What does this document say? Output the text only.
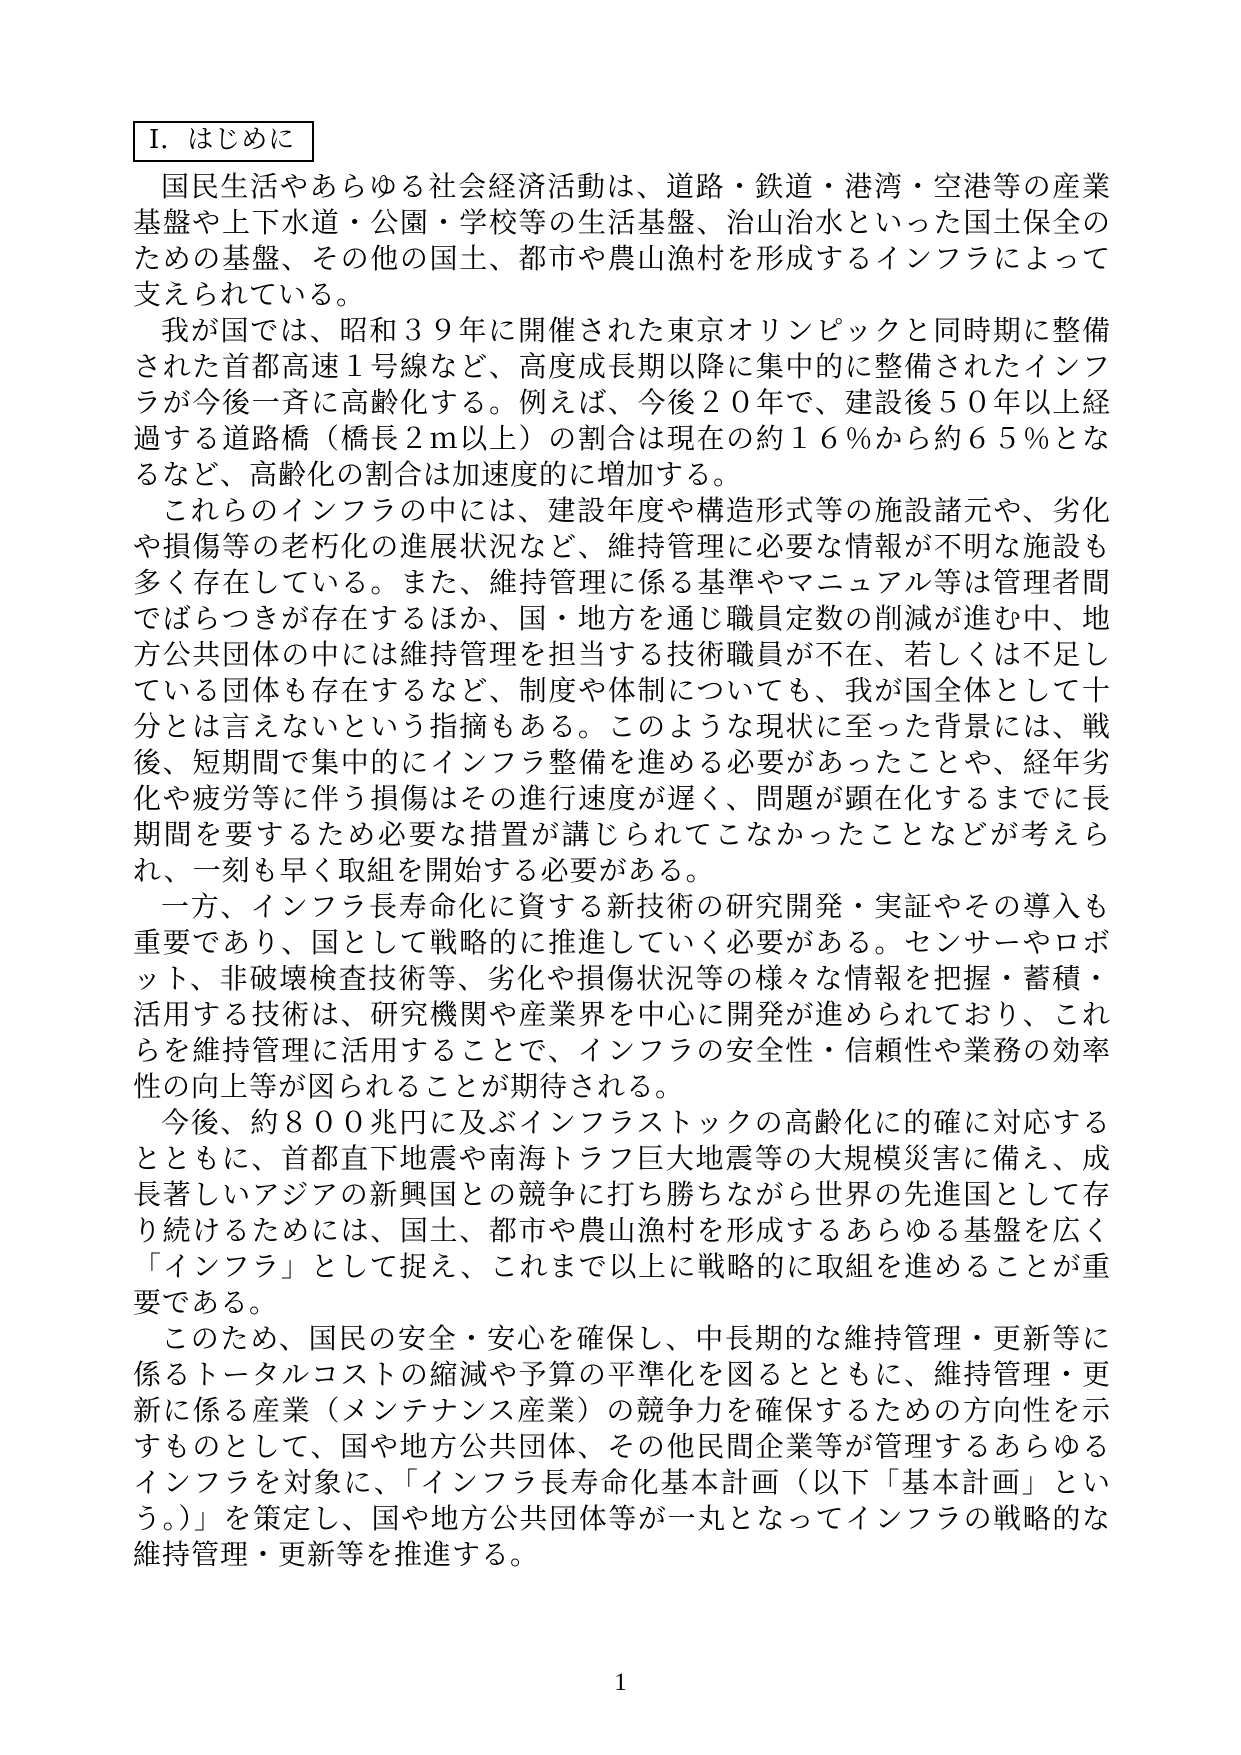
Ⅰ．はじめに

国民生活やあらゆる社会経済活動は、道路・鉄道・港湾・空港等の産業基盤や上下水道・公園・学校等の生活基盤、治山治水といった国土保全のための基盤、その他の国土、都市や農山漁村を形成するインフラによって支えられている。

我が国では、昭和３９年に開催された東京オリンピックと同時期に整備された首都高速１号線など、高度成長期以降に集中的に整備されたインフラが今後一斉に高齢化する。例えば、今後２０年で、建設後５０年以上経過する道路橋（橋長２ｍ以上）の割合は現在の約１６％から約６５％となるなど、高齢化の割合は加速度的に増加する。

これらのインフラの中には、建設年度や構造形式等の施設諸元や、劣化や損傷等の老朽化の進展状況など、維持管理に必要な情報が不明な施設も多く存在している。また、維持管理に係る基準やマニュアル等は管理者間でばらつきが存在するほか、国・地方を通じ職員定数の削減が進む中、地方公共団体の中には維持管理を担当する技術職員が不在、若しくは不足している団体も存在するなど、制度や体制についても、我が国全体として十分とは言えないという指摘もある。このような現状に至った背景には、戦後、短期間で集中的にインフラ整備を進める必要があったことや、経年劣化や疲労等に伴う損傷はその進行速度が遅く、問題が顕在化するまでに長期間を要するため必要な措置が講じられてこなかったことなどが考えられ、一刻も早く取組を開始する必要がある。

一方、インフラ長寿命化に資する新技術の研究開発・実証やその導入も重要であり、国として戦略的に推進していく必要がある。センサーやロボット、非破壊検査技術等、劣化や損傷状況等の様々な情報を把握・蓄積・活用する技術は、研究機関や産業界を中心に開発が進められており、これらを維持管理に活用することで、インフラの安全性・信頼性や業務の効率性の向上等が図られることが期待される。

今後、約８００兆円に及ぶインフラストックの高齢化に的確に対応するとともに、首都直下地震や南海トラフ巨大地震等の大規模災害に備え、成長著しいアジアの新興国との競争に打ち勝ちながら世界の先進国として存り続けるためには、国土、都市や農山漁村を形成するあらゆる基盤を広く「インフラ」として捉え、これまで以上に戦略的に取組を進めることが重要である。

このため、国民の安全・安心を確保し、中長期的な維持管理・更新等に係るトータルコストの縮減や予算の平準化を図るとともに、維持管理・更新に係る産業（メンテナンス産業）の競争力を確保するための方向性を示すものとして、国や地方公共団体、その他民間企業等が管理するあらゆるインフラを対象に、「インフラ長寿命化基本計画（以下「基本計画」という。）」を策定し、国や地方公共団体等が一丸となってインフラの戦略的な維持管理・更新等を推進する。

1
